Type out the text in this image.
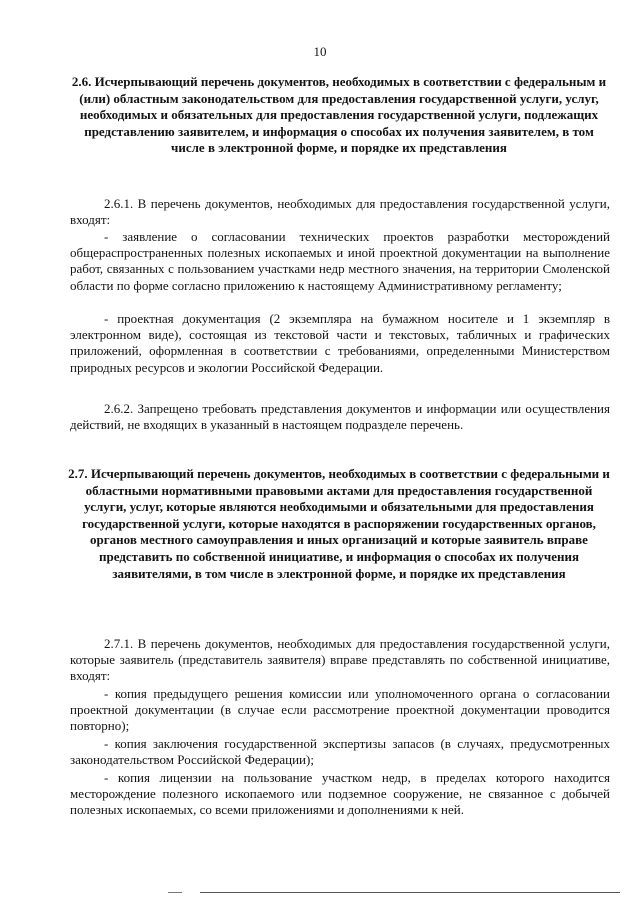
10
2.6. Исчерпывающий перечень документов, необходимых в соответствии с федеральным и (или) областным законодательством для предоставления государственной услуги, услуг, необходимых и обязательных для предоставления государственной услуги, подлежащих представлению заявителем, и информация о способах их получения заявителем, в том числе в электронной форме, и порядке их представления
2.6.1. В перечень документов, необходимых для предоставления государственной услуги, входят:
- заявление о согласовании технических проектов разработки месторождений общераспространенных полезных ископаемых и иной проектной документации на выполнение работ, связанных с пользованием участками недр местного значения, на территории Смоленской области по форме согласно приложению к настоящему Административному регламенту;
- проектная документация (2 экземпляра на бумажном носителе и 1 экземпляр в электронном виде), состоящая из текстовой части и текстовых, табличных и графических приложений, оформленная в соответствии с требованиями, определенными Министерством природных ресурсов и экологии Российской Федерации.
2.6.2. Запрещено требовать представления документов и информации или осуществления действий, не входящих в указанный в настоящем подразделе перечень.
2.7. Исчерпывающий перечень документов, необходимых в соответствии с федеральными и областными нормативными правовыми актами для предоставления государственной услуги, услуг, которые являются необходимыми и обязательными для предоставления государственной услуги, которые находятся в распоряжении государственных органов, органов местного самоуправления и иных организаций и которые заявитель вправе представить по собственной инициативе, и информация о способах их получения заявителями, в том числе в электронной форме, и порядке их представления
2.7.1. В перечень документов, необходимых для предоставления государственной услуги, которые заявитель (представитель заявителя) вправе представлять по собственной инициативе, входят:
- копия предыдущего решения комиссии или уполномоченного органа о согласовании проектной документации (в случае если рассмотрение проектной документации проводится повторно);
- копия заключения государственной экспертизы запасов (в случаях, предусмотренных законодательством Российской Федерации);
- копия лицензии на пользование участком недр, в пределах которого находится месторождение полезного ископаемого или подземное сооружение, не связанное с добычей полезных ископаемых, со всеми приложениями и дополнениями к ней.
